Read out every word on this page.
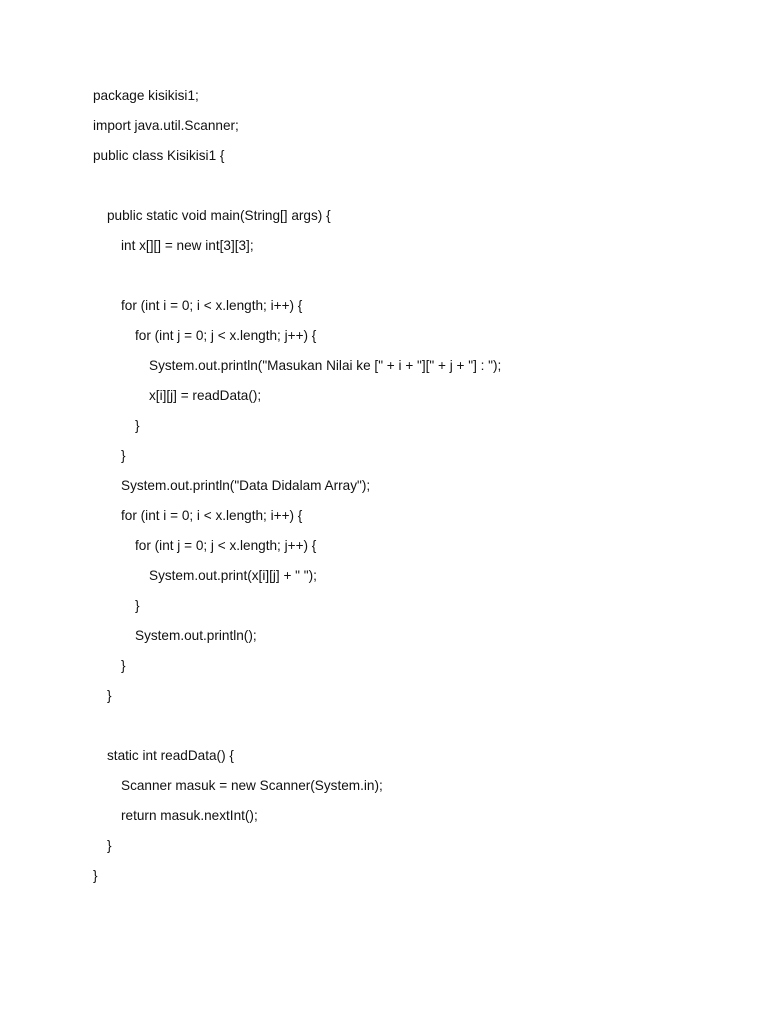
package kisikisi1;
import java.util.Scanner;
public class Kisikisi1 {
public static void main(String[] args) {
int x[][] = new int[3][3];
for (int i = 0; i < x.length; i++) {
for (int j = 0; j < x.length; j++) {
System.out.println("Masukan Nilai ke [" + i + "][" + j + "] : ");
x[i][j] = readData();
}
}
System.out.println("Data Didalam Array");
for (int i = 0; i < x.length; i++) {
for (int j = 0; j < x.length; j++) {
System.out.print(x[i][j] + " ");
}
System.out.println();
}
}
static int readData() {
Scanner masuk = new Scanner(System.in);
return masuk.nextInt();
}
}
